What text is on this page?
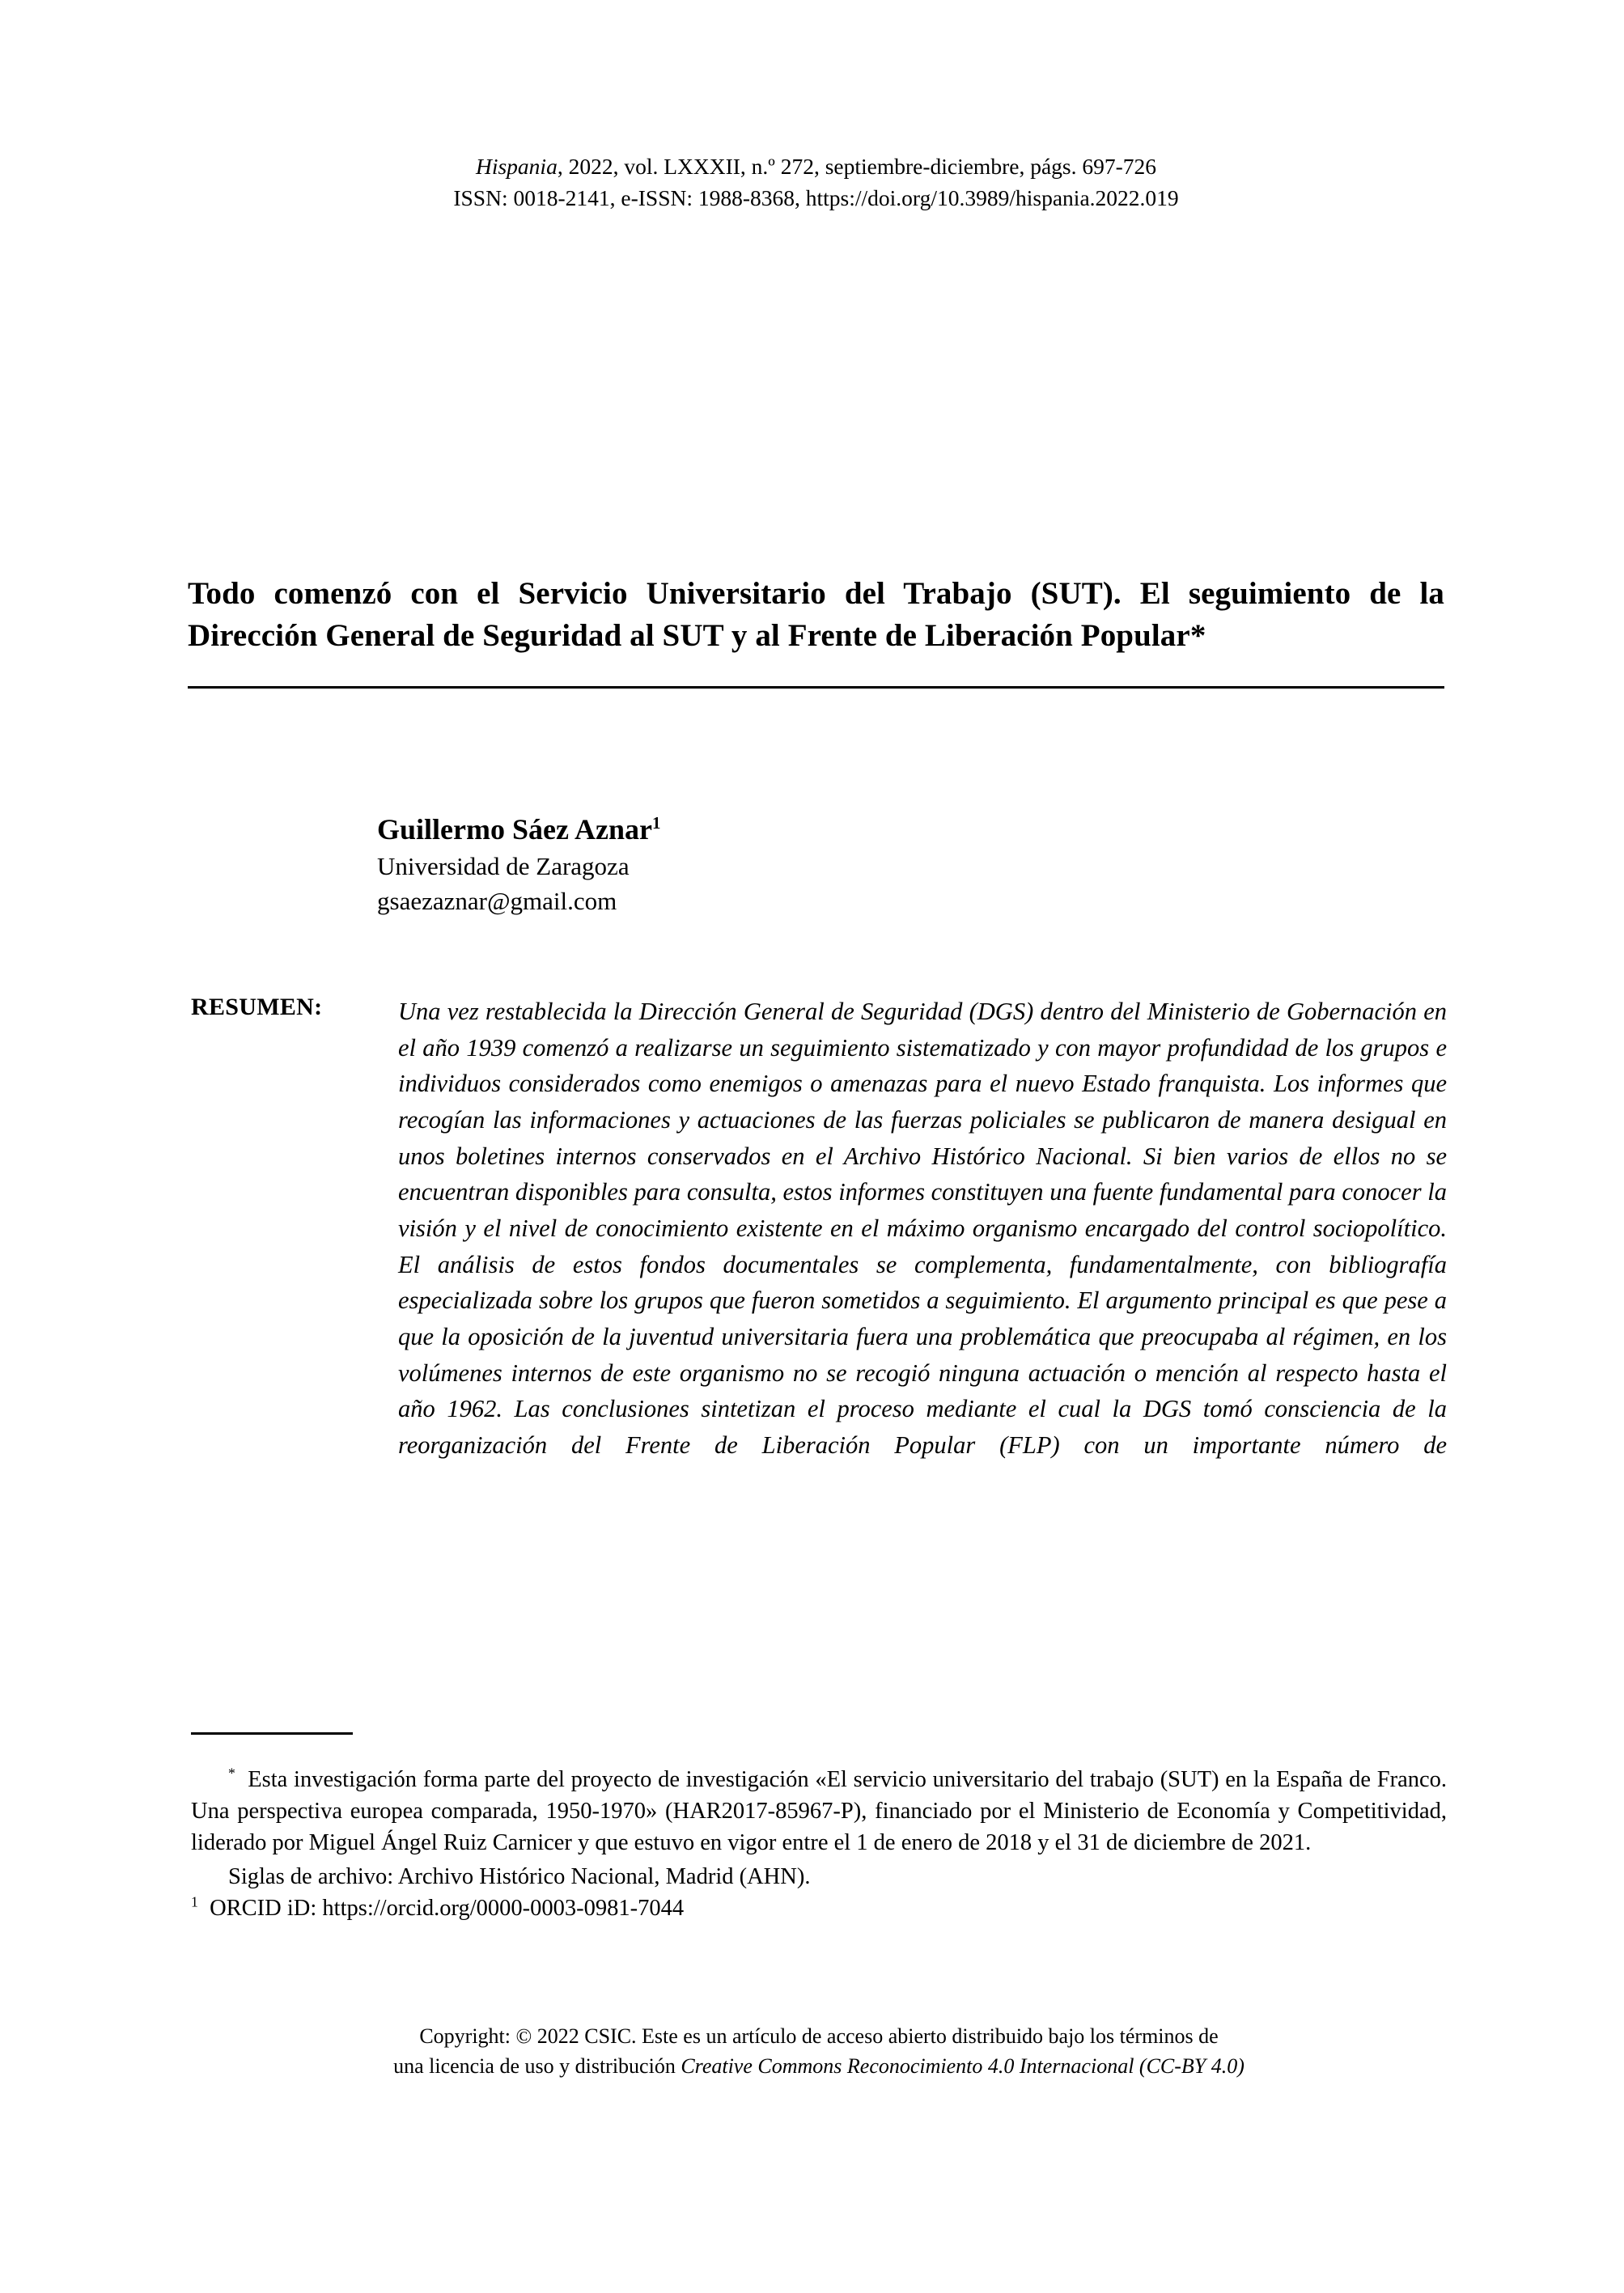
Hispania, 2022, vol. LXXXII, n.º 272, septiembre-diciembre, págs. 697-726
ISSN: 0018-2141, e-ISSN: 1988-8368, https://doi.org/10.3989/hispania.2022.019
Todo comenzó con el Servicio Universitario del Trabajo (SUT). El seguimiento de la Dirección General de Seguridad al SUT y al Frente de Liberación Popular*
Guillermo Sáez Aznar$^1$
Universidad de Zaragoza
gsaezaznar@gmail.com
RESUMEN:	Una vez restablecida la Dirección General de Seguridad (DGS) dentro del Ministerio de Gobernación en el año 1939 comenzó a realizarse un seguimiento sistematizado y con mayor profundidad de los grupos e individuos considerados como enemigos o amenazas para el nuevo Estado franquista. Los informes que recogían las informaciones y actuaciones de las fuerzas policiales se publicaron de manera desigual en unos boletines internos conservados en el Archivo Histórico Nacional. Si bien varios de ellos no se encuentran disponibles para consulta, estos informes constituyen una fuente fundamental para conocer la visión y el nivel de conocimiento existente en el máximo organismo encargado del control sociopolítico. El análisis de estos fondos documentales se complementa, fundamentalmente, con bibliografía especializada sobre los grupos que fueron sometidos a seguimiento. El argumento principal es que pese a que la oposición de la juventud universitaria fuera una problemática que preocupaba al régimen, en los volúmenes internos de este organismo no se recogió ninguna actuación o mención al respecto hasta el año 1962. Las conclusiones sintetizan el proceso mediante el cual la DGS tomó consciencia de la reorganización del Frente de Liberación Popular (FLP) con un importante número de

* Esta investigación forma parte del proyecto de investigación «El servicio universitario del trabajo (SUT) en la España de Franco. Una perspectiva europea comparada, 1950-1970» (HAR2017-85967-P), financiado por el Ministerio de Economía y Competitividad, liderado por Miguel Ángel Ruiz Carnicer y que estuvo en vigor entre el 1 de enero de 2018 y el 31 de diciembre de 2021.

Siglas de archivo: Archivo Histórico Nacional, Madrid (AHN).

$^1$ ORCID iD: https://orcid.org/0000-0003-0981-7044

Copyright: © 2022 CSIC. Este es un artículo de acceso abierto distribuido bajo los términos de
una licencia de uso y distribución Creative Commons Reconocimiento 4.0 Internacional (CC-BY 4.0)
